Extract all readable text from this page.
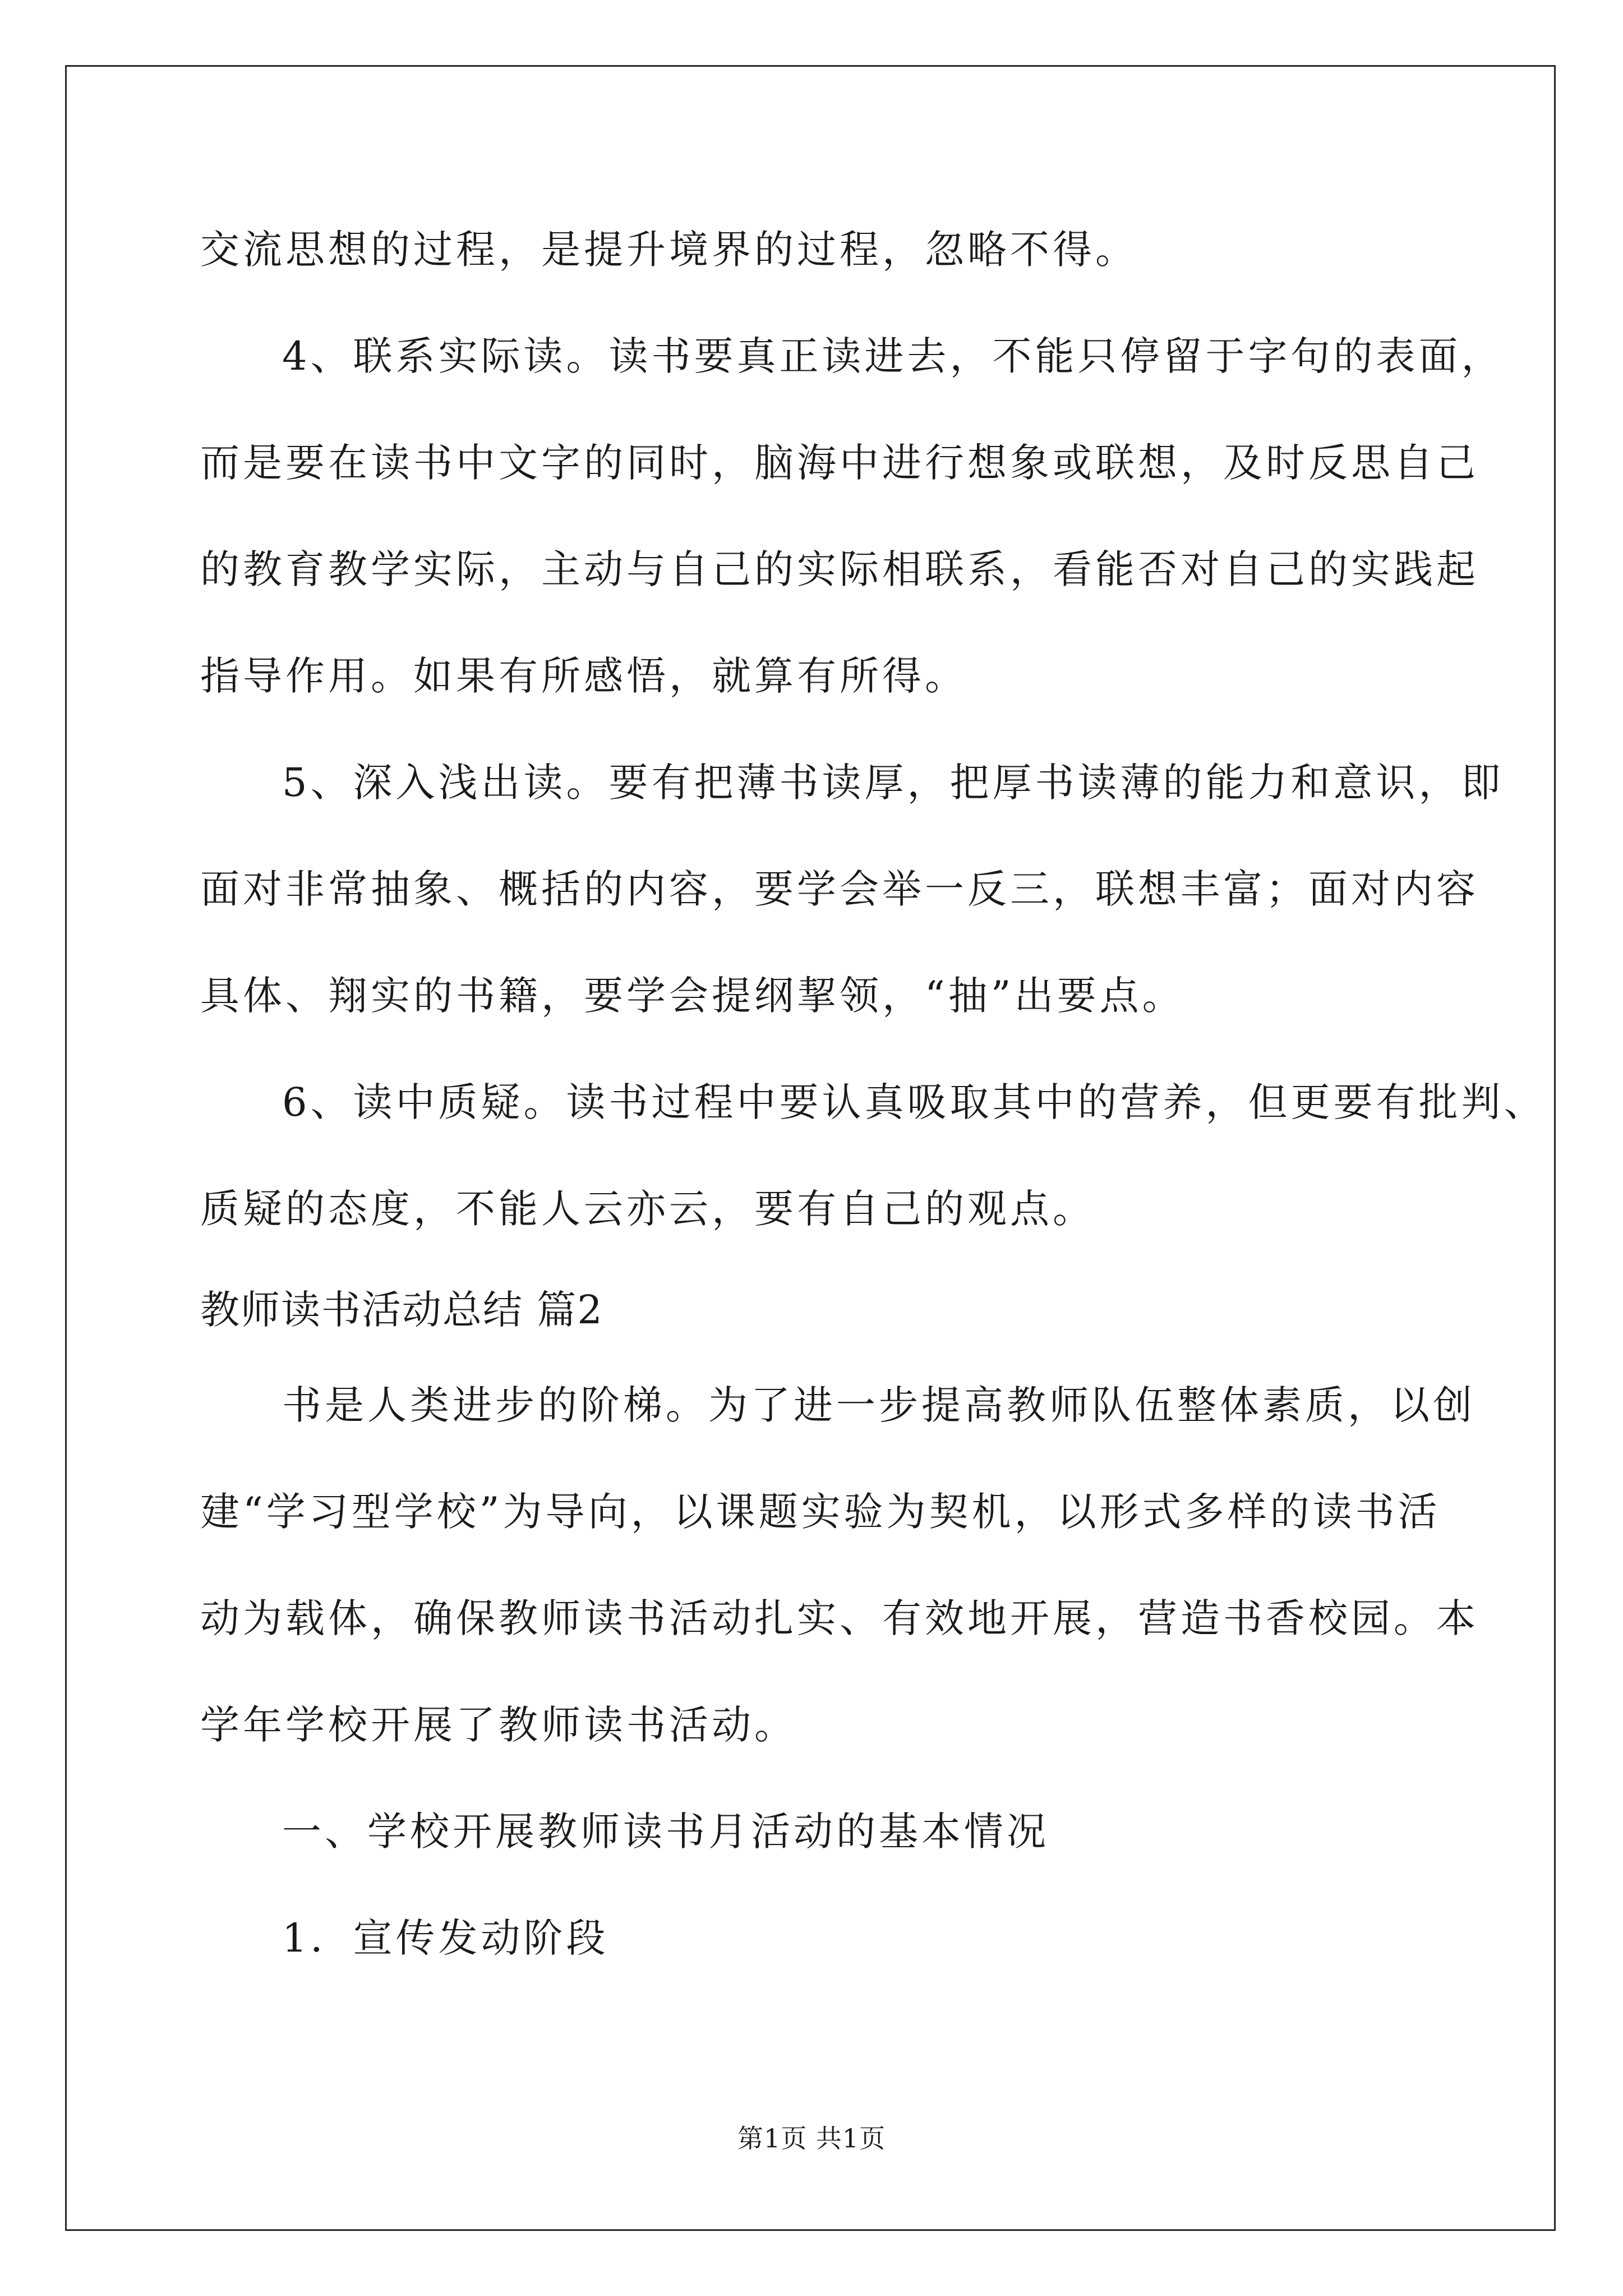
交流思想的过程，是提升境界的过程，忽略不得。
4、联系实际读。读书要真正读进去，不能只停留于字句的表面，
而是要在读书中文字的同时，脑海中进行想象或联想，及时反思自己
的教育教学实际，主动与自己的实际相联系，看能否对自己的实践起
指导作用。如果有所感悟，就算有所得。
5、深入浅出读。要有把薄书读厚，把厚书读薄的能力和意识，即
面对非常抽象、概括的内容，要学会举一反三，联想丰富；面对内容
具体、翔实的书籍，要学会提纲挈领，“抽”出要点。
6、读中质疑。读书过程中要认真吸取其中的营养，但更要有批判、
质疑的态度，不能人云亦云，要有自己的观点。
教师读书活动总结 篇2
书是人类进步的阶梯。为了进一步提高教师队伍整体素质，以创
建“学习型学校”为导向，以课题实验为契机，以形式多样的读书活
动为载体，确保教师读书活动扎实、有效地开展，营造书香校园。本
学年学校开展了教师读书活动。
一、学校开展教师读书月活动的基本情况
1．宣传发动阶段
第1页 共1页
